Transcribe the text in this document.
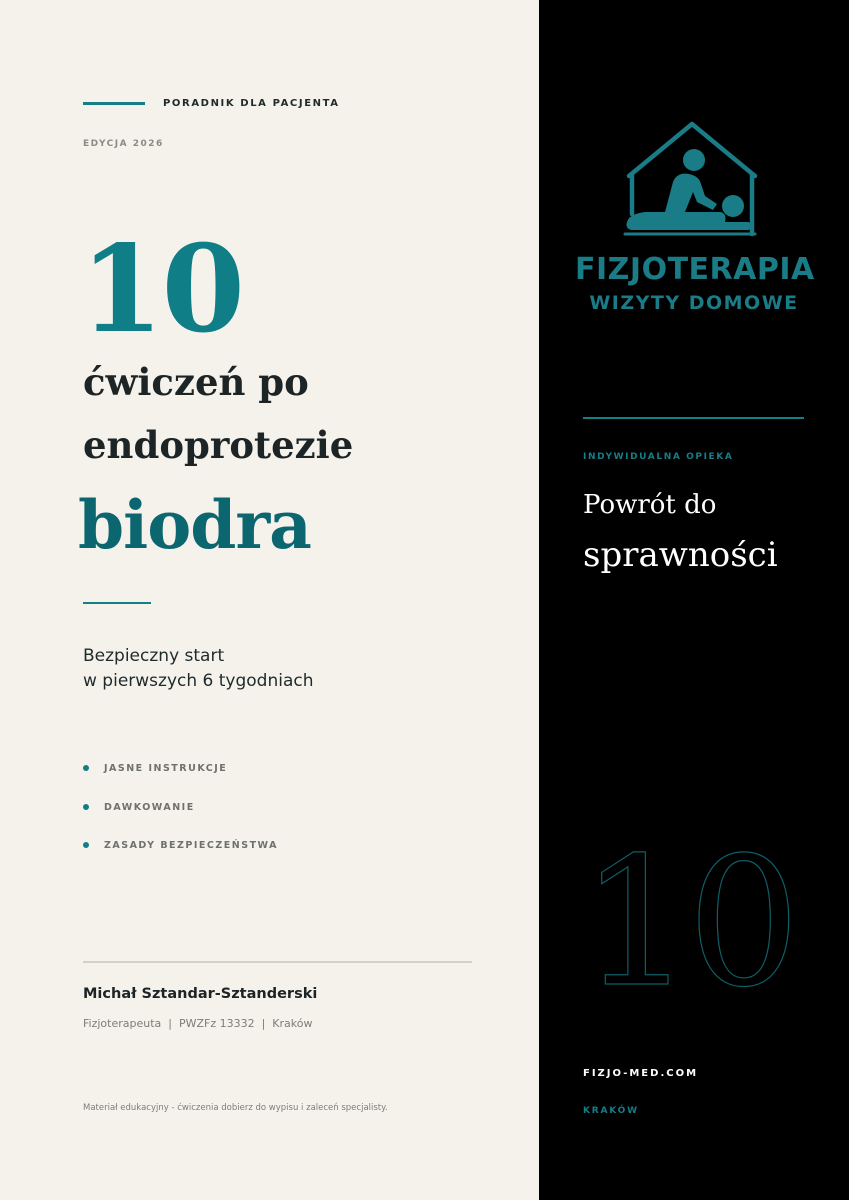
PORADNIK DLA PACJENTA
EDYCJA 2026
10
ćwiczeń po
endoprotezie
biodra
Bezpieczny start
w pierwszych 6 tygodniach
JASNE INSTRUKCJE
DAWKOWANIE
ZASADY BEZPIECZEŃSTWA
Michał Sztandar-Sztanderski
Fizjoterapeuta  |  PWZFz 13332  |  Kraków
Materiał edukacyjny - ćwiczenia dobierz do wypisu i zaleceń specjalisty.
FIZJOTERAPIA
WIZYTY DOMOWE
INDYWIDUALNA OPIEKA
Powrót do
sprawności
10
FIZJO-MED.COM
KRAKÓW
